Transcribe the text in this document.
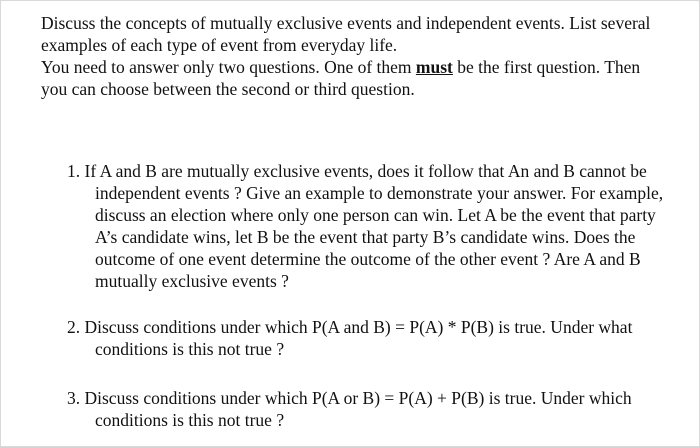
Discuss the concepts of mutually exclusive events and independent events. List several
examples of each type of event from everyday life.
You need to answer only two questions. One of them must be the first question. Then
you can choose between the second or third question.
1. If A and B are mutually exclusive events, does it follow that An and B cannot be
independent events ? Give an example to demonstrate your answer. For example,
discuss an election where only one person can win. Let A be the event that party
A’s candidate wins, let B be the event that party B’s candidate wins. Does the
outcome of one event determine the outcome of the other event ? Are A and B
mutually exclusive events ?
2. Discuss conditions under which P(A and B) = P(A) * P(B) is true. Under what
conditions is this not true ?
3. Discuss conditions under which P(A or B) = P(A) + P(B) is true. Under which
conditions is this not true ?
